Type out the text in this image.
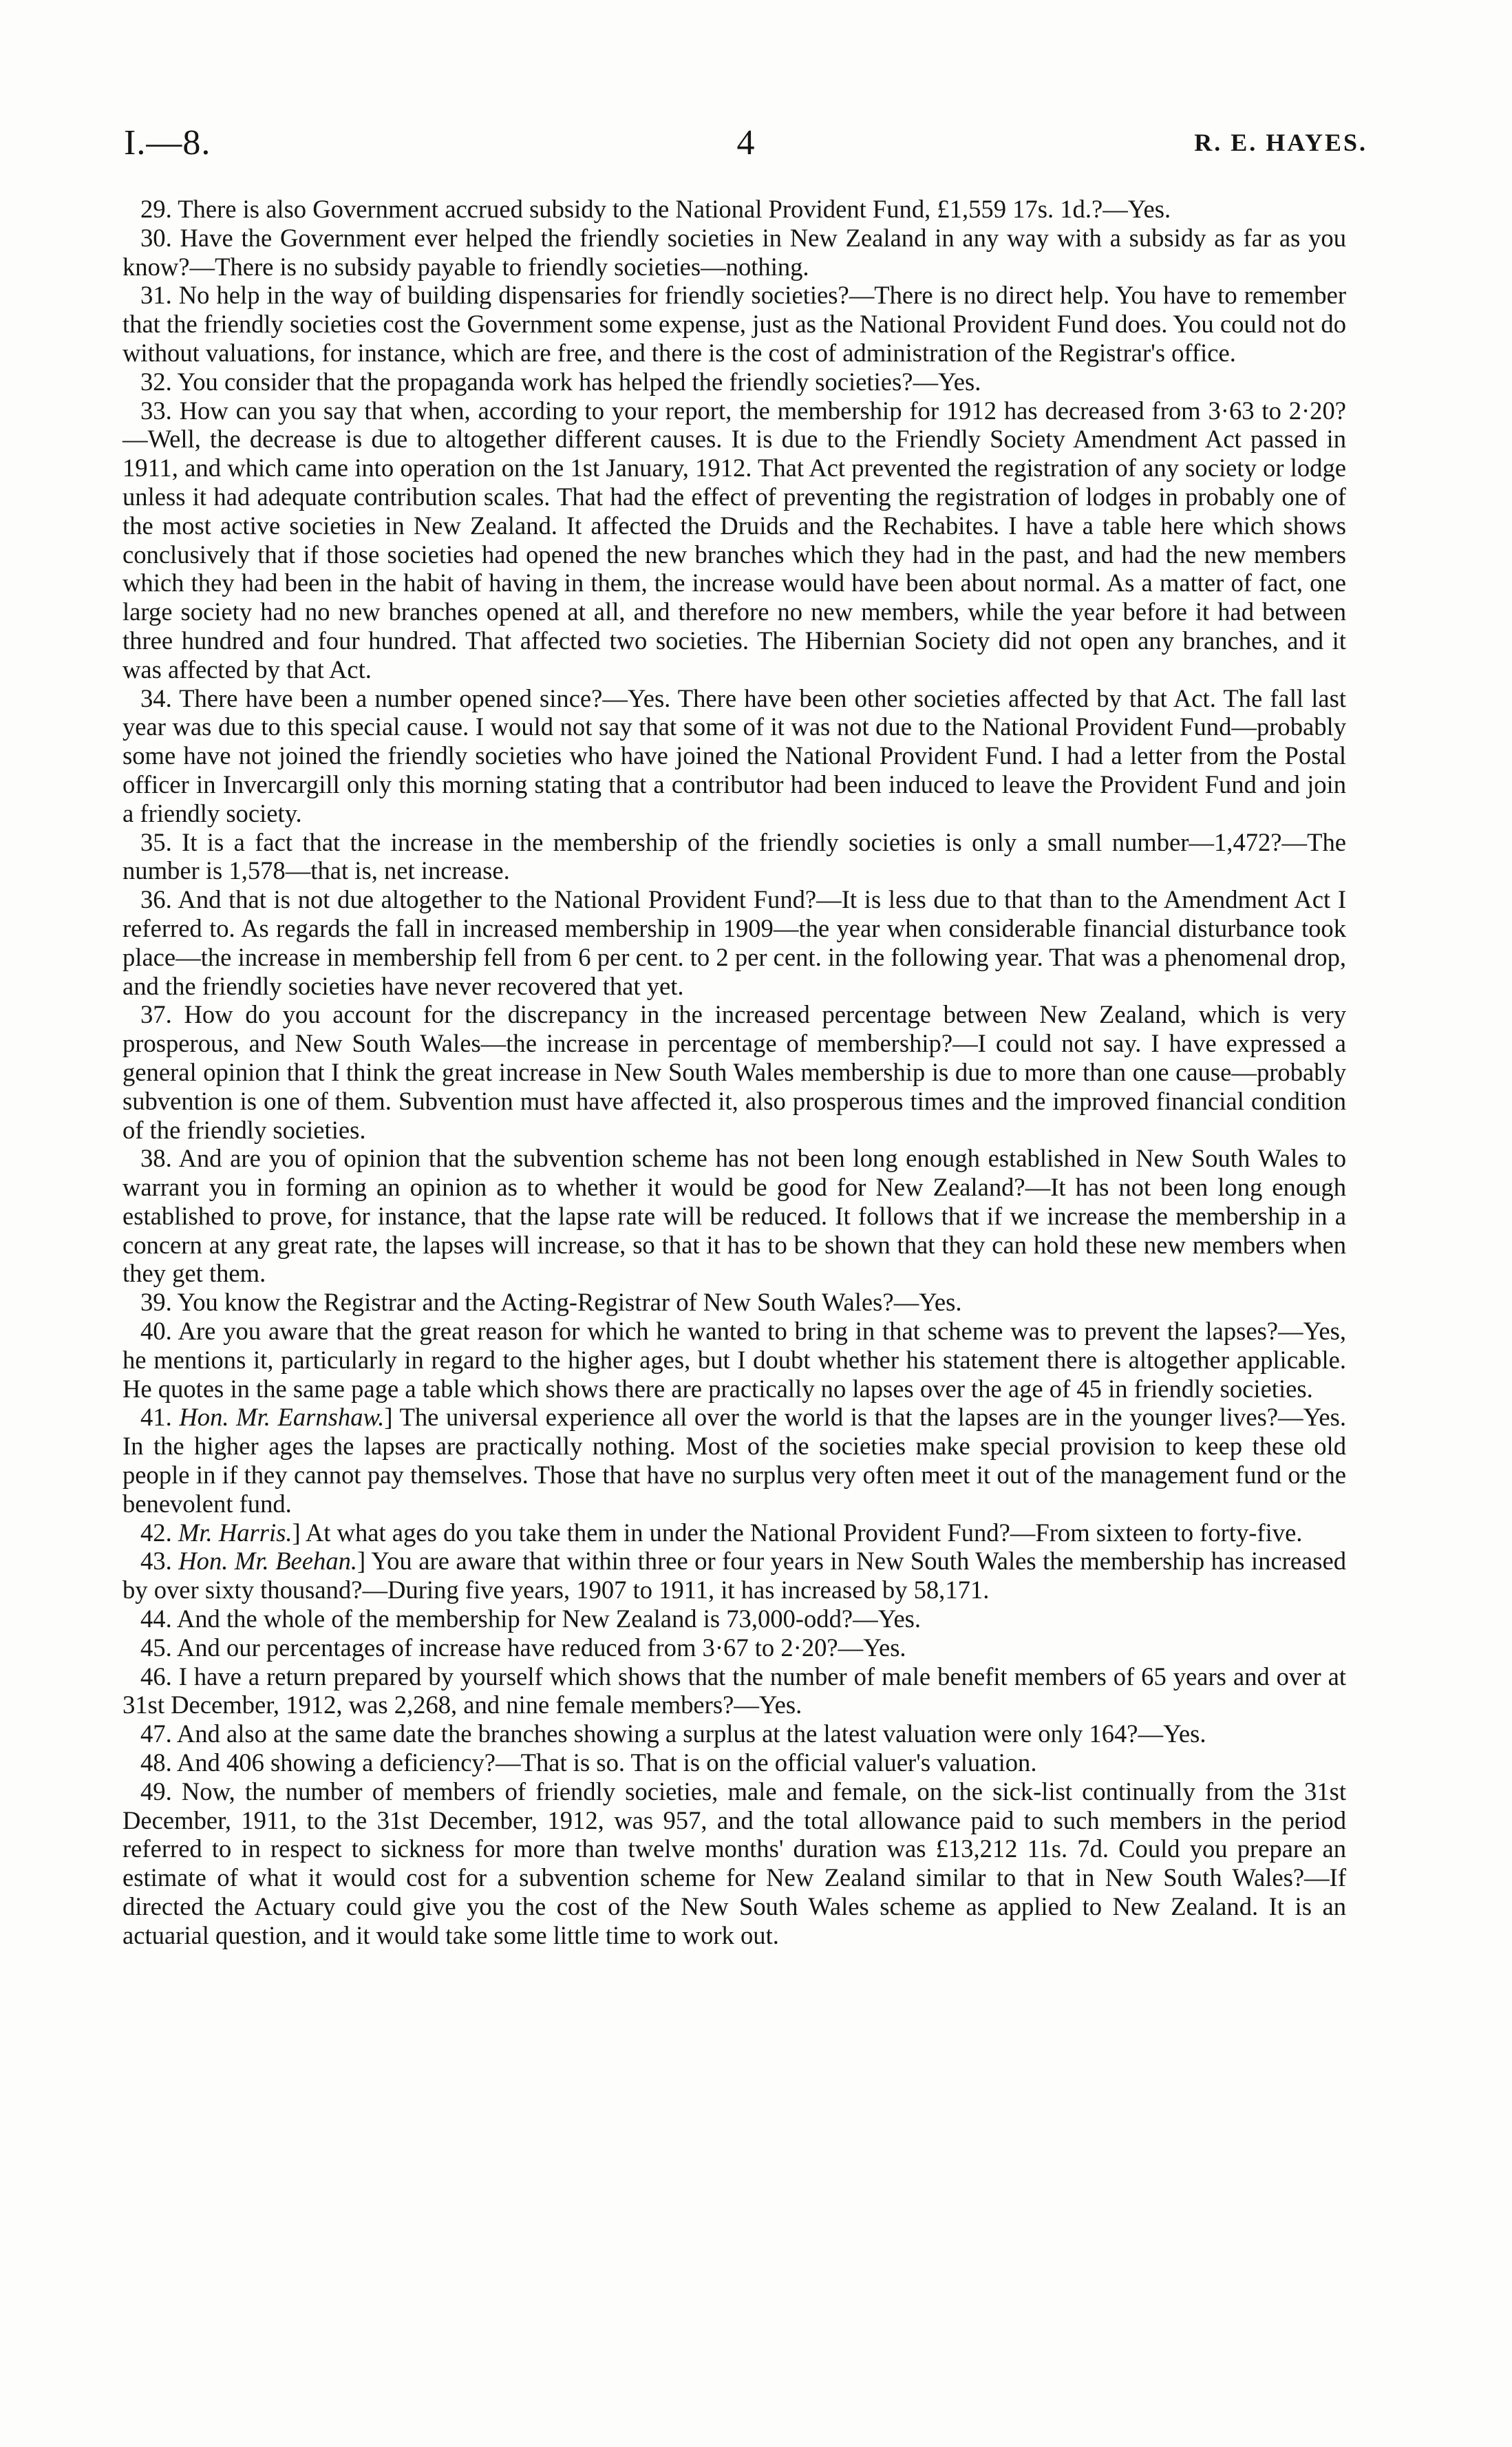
4
I.—8.	R. E. HAYES.

29. There is also Government accrued subsidy to the National Provident Fund, £1,559 17s. 1d.?—Yes.

30. Have the Government ever helped the friendly societies in New Zealand in any way with a subsidy as far as you know?—There is no subsidy payable to friendly societies—nothing.

31. No help in the way of building dispensaries for friendly societies?—There is no direct help. You have to remember that the friendly societies cost the Government some expense, just as the National Provident Fund does. You could not do without valuations, for instance, which are free, and there is the cost of administration of the Registrar's office.

32. You consider that the propaganda work has helped the friendly societies?—Yes.

33. How can you say that when, according to your report, the membership for 1912 has decreased from 3·63 to 2·20?—Well, the decrease is due to altogether different causes. It is due to the Friendly Society Amendment Act passed in 1911, and which came into operation on the 1st January, 1912. That Act prevented the registration of any society or lodge unless it had adequate contribution scales. That had the effect of preventing the registration of lodges in probably one of the most active societies in New Zealand. It affected the Druids and the Rechabites. I have a table here which shows conclusively that if those societies had opened the new branches which they had in the past, and had the new members which they had been in the habit of having in them, the increase would have been about normal. As a matter of fact, one large society had no new branches opened at all, and therefore no new members, while the year before it had between three hundred and four hundred. That affected two societies. The Hibernian Society did not open any branches, and it was affected by that Act.

34. There have been a number opened since?—Yes. There have been other societies affected by that Act. The fall last year was due to this special cause. I would not say that some of it was not due to the National Provident Fund—probably some have not joined the friendly societies who have joined the National Provident Fund. I had a letter from the Postal officer in Invercargill only this morning stating that a contributor had been induced to leave the Provident Fund and join a friendly society.

35. It is a fact that the increase in the membership of the friendly societies is only a small number—1,472?—The number is 1,578—that is, net increase.

36. And that is not due altogether to the National Provident Fund?—It is less due to that than to the Amendment Act I referred to. As regards the fall in increased membership in 1909—the year when considerable financial disturbance took place—the increase in membership fell from 6 per cent. to 2 per cent. in the following year. That was a phenomenal drop, and the friendly societies have never recovered that yet.

37. How do you account for the discrepancy in the increased percentage between New Zealand, which is very prosperous, and New South Wales—the increase in percentage of membership?—I could not say. I have expressed a general opinion that I think the great increase in New South Wales membership is due to more than one cause—probably subvention is one of them. Subvention must have affected it, also prosperous times and the improved financial condition of the friendly societies.

38. And are you of opinion that the subvention scheme has not been long enough established in New South Wales to warrant you in forming an opinion as to whether it would be good for New Zealand?—It has not been long enough established to prove, for instance, that the lapse rate will be reduced. It follows that if we increase the membership in a concern at any great rate, the lapses will increase, so that it has to be shown that they can hold these new members when they get them.

39. You know the Registrar and the Acting-Registrar of New South Wales?—Yes.

40. Are you aware that the great reason for which he wanted to bring in that scheme was to prevent the lapses?—Yes, he mentions it, particularly in regard to the higher ages, but I doubt whether his statement there is altogether applicable. He quotes in the same page a table which shows there are practically no lapses over the age of 45 in friendly societies.

41. Hon. Mr. Earnshaw.] The universal experience all over the world is that the lapses are in the younger lives?—Yes. In the higher ages the lapses are practically nothing. Most of the societies make special provision to keep these old people in if they cannot pay themselves. Those that have no surplus very often meet it out of the management fund or the benevolent fund.

42. Mr. Harris.] At what ages do you take them in under the National Provident Fund?—From sixteen to forty-five.

43. Hon. Mr. Beehan.] You are aware that within three or four years in New South Wales the membership has increased by over sixty thousand?—During five years, 1907 to 1911, it has increased by 58,171.

44. And the whole of the membership for New Zealand is 73,000-odd?—Yes.

45. And our percentages of increase have reduced from 3·67 to 2·20?—Yes.

46. I have a return prepared by yourself which shows that the number of male benefit members of 65 years and over at 31st December, 1912, was 2,268, and nine female members?—Yes.

47. And also at the same date the branches showing a surplus at the latest valuation were only 164?—Yes.

48. And 406 showing a deficiency?—That is so. That is on the official valuer's valuation.

49. Now, the number of members of friendly societies, male and female, on the sick-list continually from the 31st December, 1911, to the 31st December, 1912, was 957, and the total allowance paid to such members in the period referred to in respect to sickness for more than twelve months' duration was £13,212 11s. 7d. Could you prepare an estimate of what it would cost for a subvention scheme for New Zealand similar to that in New South Wales?—If directed the Actuary could give you the cost of the New South Wales scheme as applied to New Zealand. It is an actuarial question, and it would take some little time to work out.
